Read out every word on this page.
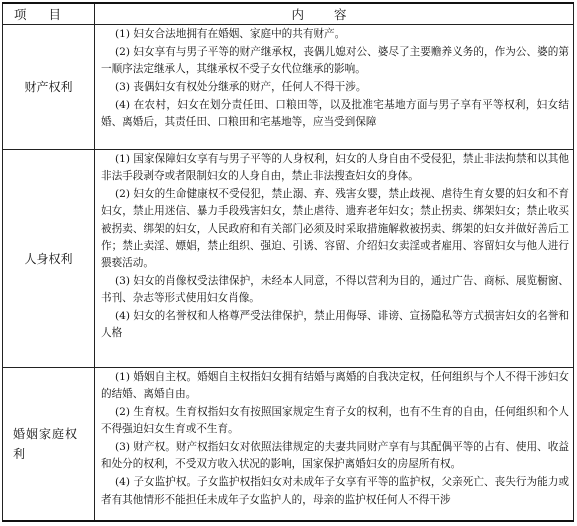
项目	内容
财产权利	(1) 妇女合法地拥有在婚姻、家庭中的共有财产。

(2) 妇女享有与男子平等的财产继承权，丧偶儿媳对公、婆尽了主要赡养义务的，作为公、婆的第一顺序法定继承人，其继承权不受子女代位继承的影响。

(3) 丧偶妇女有权处分继承的财产，任何人不得干涉。

(4) 在农村，妇女在划分责任田、口粮田等，以及批准宅基地方面与男子享有平等权利，妇女结婚、离婚后，其责任田、口粮田和宅基地等，应当受到保障

人身权利	(1) 国家保障妇女享有与男子平等的人身权利，妇女的人身自由不受侵犯，禁止非法拘禁和以其他非法手段剥夺或者限制妇女的人身自由，禁止非法搜查妇女的身体。

(2) 妇女的生命健康权不受侵犯，禁止溺、弃、残害女婴，禁止歧视、虐待生育女婴的妇女和不育妇女，禁止用迷信、暴力手段残害妇女，禁止虐待、遗弃老年妇女；禁止拐卖、绑架妇女；禁止收买被拐卖、绑架的妇女，人民政府和有关部门必须及时采取措施解救被拐卖、绑架的妇女并做好善后工作；禁止卖淫、嫖娼，禁止组织、强迫、引诱、容留、介绍妇女卖淫或者雇用、容留妇女与他人进行猥亵活动。

(3) 妇女的肖像权受法律保护，未经本人同意，不得以营利为目的，通过广告、商标、展览橱窗、书刊、杂志等形式使用妇女肖像。

(4) 妇女的名誉权和人格尊严受法律保护，禁止用侮辱、诽谤、宣扬隐私等方式损害妇女的名誉和人格

婚姻家庭权利	(1) 婚姻自主权。婚姻自主权指妇女拥有结婚与离婚的自我决定权，任何组织与个人不得干涉妇女的结婚、离婚自由。

(2) 生育权。生育权指妇女有按照国家规定生育子女的权利，也有不生育的自由，任何组织和个人不得强迫妇女生育或不生育。

(3) 财产权。财产权指妇女对依照法律规定的夫妻共同财产享有与其配偶平等的占有、使用、收益和处分的权利，不受双方收入状况的影响，国家保护离婚妇女的房屋所有权。

(4) 子女监护权。子女监护权指妇女对未成年子女享有平等的监护权，父亲死亡、丧失行为能力或者有其他情形不能担任未成年子女监护人的，母亲的监护权任何人不得干涉
